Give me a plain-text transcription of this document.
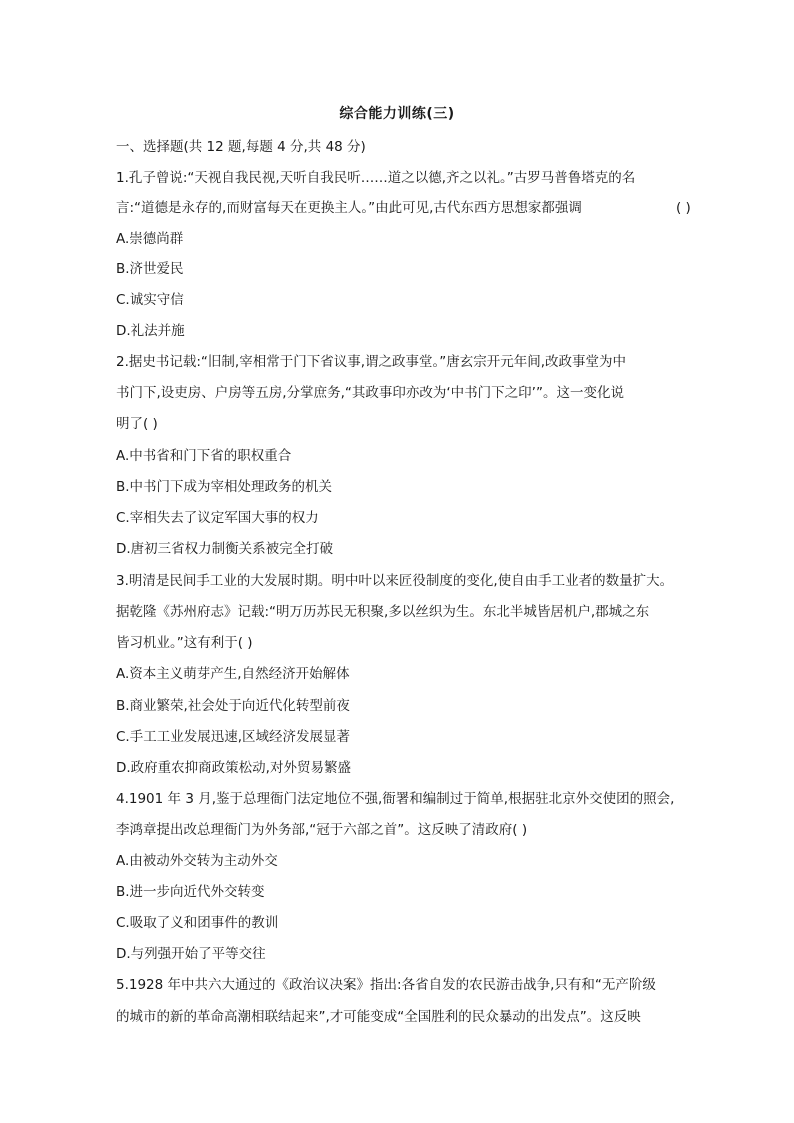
综合能力训练(三)
一、选择题(共 12 题,每题 4 分,共 48 分)
1.孔子曾说:“天视自我民视,天听自我民听……道之以德,齐之以礼。”古罗马普鲁塔克的名
言:“道德是永存的,而财富每天在更换主人。”由此可见,古代东西方思想家都强调	( )
A.崇德尚群
B.济世爱民
C.诚实守信
D.礼法并施
2.据史书记载:“旧制,宰相常于门下省议事,谓之政事堂。”唐玄宗开元年间,改政事堂为中
书门下,设吏房、户房等五房,分掌庶务,“其政事印亦改为‘中书门下之印’”。这一变化说
明了( )
A.中书省和门下省的职权重合
B.中书门下成为宰相处理政务的机关
C.宰相失去了议定军国大事的权力
D.唐初三省权力制衡关系被完全打破
3.明清是民间手工业的大发展时期。明中叶以来匠役制度的变化,使自由手工业者的数量扩大。
据乾隆《苏州府志》记载:“明万历苏民无积聚,多以丝织为生。东北半城皆居机户,郡城之东
皆习机业。”这有利于( )
A.资本主义萌芽产生,自然经济开始解体
B.商业繁荣,社会处于向近代化转型前夜
C.手工工业发展迅速,区域经济发展显著
D.政府重农抑商政策松动,对外贸易繁盛
4.1901 年 3 月,鉴于总理衙门法定地位不强,衙署和编制过于简单,根据驻北京外交使团的照会,
李鸿章提出改总理衙门为外务部,“冠于六部之首”。这反映了清政府( )
A.由被动外交转为主动外交
B.进一步向近代外交转变
C.吸取了义和团事件的教训
D.与列强开始了平等交往
5.1928 年中共六大通过的《政治议决案》指出:各省自发的农民游击战争,只有和“无产阶级
的城市的新的革命高潮相联结起来”,才可能变成“全国胜利的民众暴动的出发点”。这反映
